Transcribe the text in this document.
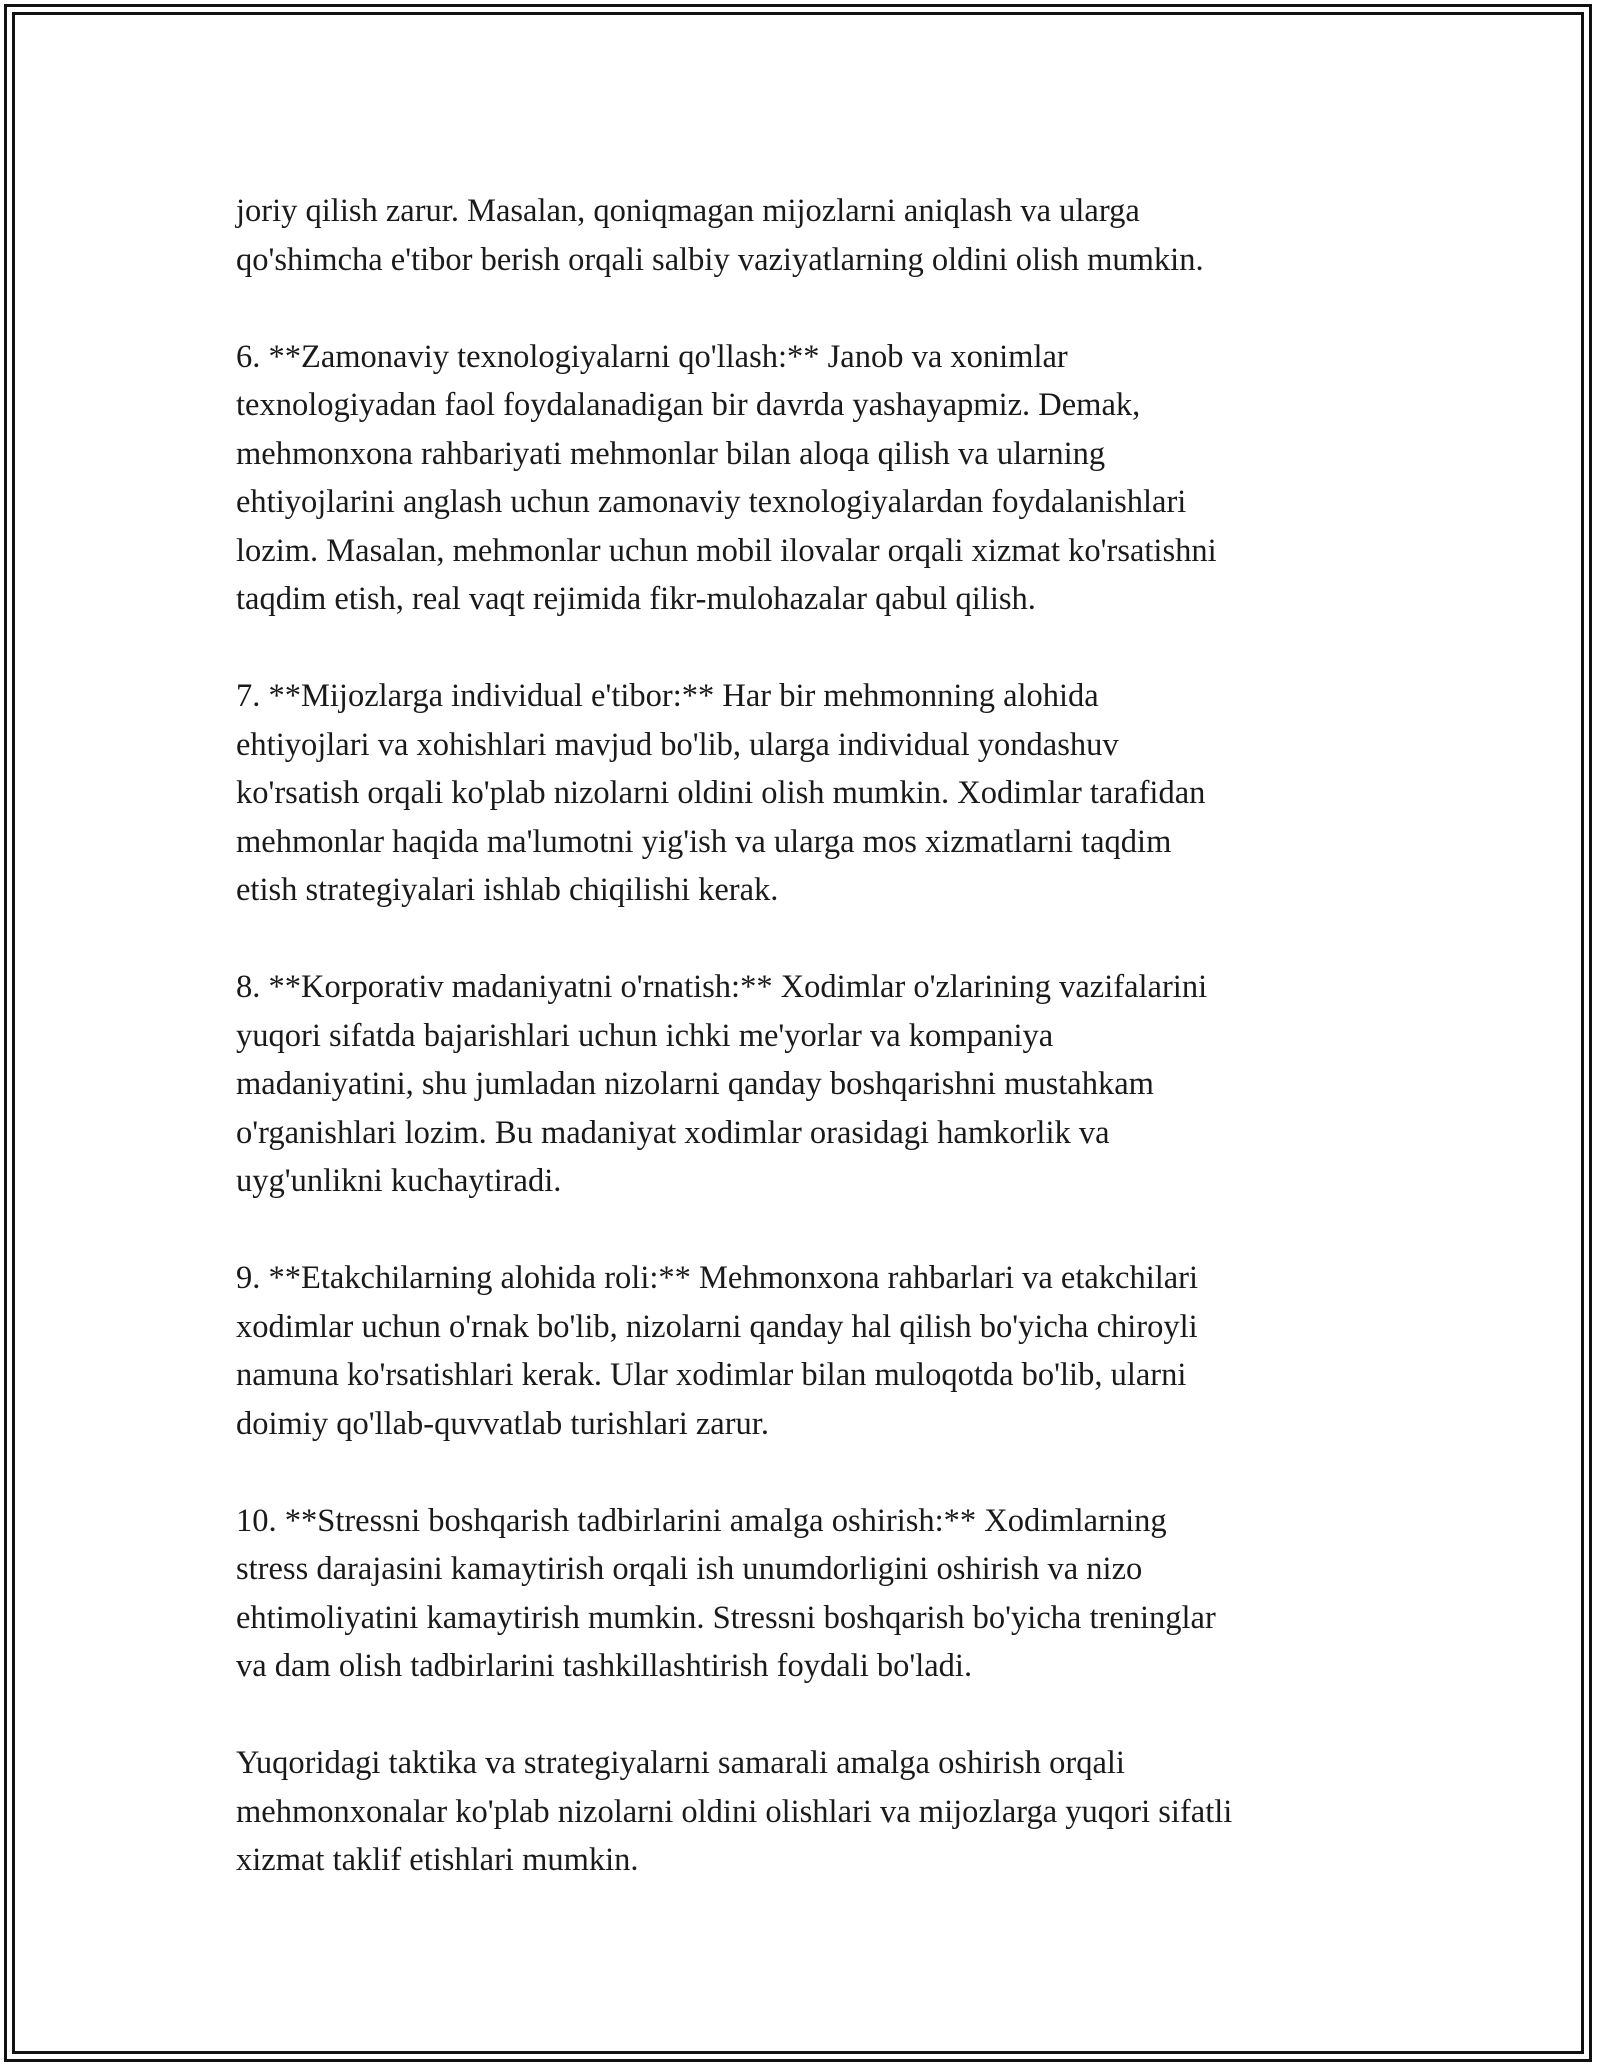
joriy qilish zarur. Masalan, qoniqmagan mijozlarni aniqlash va ularga
qo'shimcha e'tibor berish orqali salbiy vaziyatlarning oldini olish mumkin.
6. **Zamonaviy texnologiyalarni qo'llash:** Janob va xonimlar
texnologiyadan faol foydalanadigan bir davrda yashayapmiz. Demak,
mehmonxona rahbariyati mehmonlar bilan aloqa qilish va ularning
ehtiyojlarini anglash uchun zamonaviy texnologiyalardan foydalanishlari
lozim. Masalan, mehmonlar uchun mobil ilovalar orqali xizmat ko'rsatishni
taqdim etish, real vaqt rejimida fikr-mulohazalar qabul qilish.
7. **Mijozlarga individual e'tibor:** Har bir mehmonning alohida
ehtiyojlari va xohishlari mavjud bo'lib, ularga individual yondashuv
ko'rsatish orqali ko'plab nizolarni oldini olish mumkin. Xodimlar tarafidan
mehmonlar haqida ma'lumotni yig'ish va ularga mos xizmatlarni taqdim
etish strategiyalari ishlab chiqilishi kerak.
8. **Korporativ madaniyatni o'rnatish:** Xodimlar o'zlarining vazifalarini
yuqori sifatda bajarishlari uchun ichki me'yorlar va kompaniya
madaniyatini, shu jumladan nizolarni qanday boshqarishni mustahkam
o'rganishlari lozim. Bu madaniyat xodimlar orasidagi hamkorlik va
uyg'unlikni kuchaytiradi.
9. **Etakchilarning alohida roli:** Mehmonxona rahbarlari va etakchilari
xodimlar uchun o'rnak bo'lib, nizolarni qanday hal qilish bo'yicha chiroyli
namuna ko'rsatishlari kerak. Ular xodimlar bilan muloqotda bo'lib, ularni
doimiy qo'llab-quvvatlab turishlari zarur.
10. **Stressni boshqarish tadbirlarini amalga oshirish:** Xodimlarning
stress darajasini kamaytirish orqali ish unumdorligini oshirish va nizo
ehtimoliyatini kamaytirish mumkin. Stressni boshqarish bo'yicha treninglar
va dam olish tadbirlarini tashkillashtirish foydali bo'ladi.
Yuqoridagi taktika va strategiyalarni samarali amalga oshirish orqali
mehmonxonalar ko'plab nizolarni oldini olishlari va mijozlarga yuqori sifatli
xizmat taklif etishlari mumkin.
